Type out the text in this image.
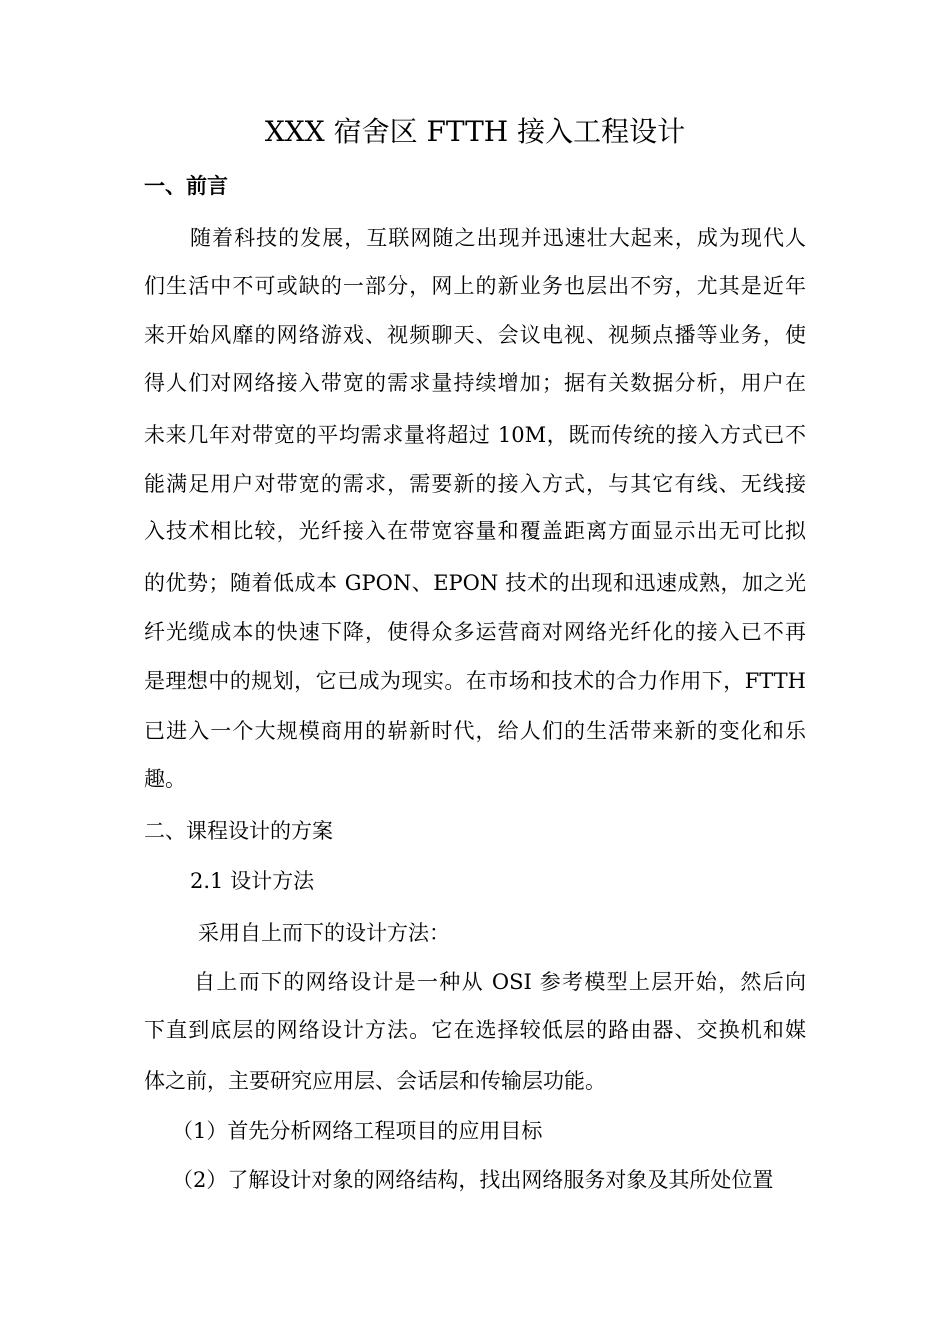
XXX 宿舍区 FTTH 接入工程设计
一、前言
随着科技的发展，互联网随之出现并迅速壮大起来，成为现代人
们生活中不可或缺的一部分，网上的新业务也层出不穷，尤其是近年
来开始风靡的网络游戏、视频聊天、会议电视、视频点播等业务，使
得人们对网络接入带宽的需求量持续增加；据有关数据分析，用户在
未来几年对带宽的平均需求量将超过 10M，既而传统的接入方式已不
能满足用户对带宽的需求，需要新的接入方式，与其它有线、无线接
入技术相比较，光纤接入在带宽容量和覆盖距离方面显示出无可比拟
的优势；随着低成本 GPON、EPON 技术的出现和迅速成熟，加之光
纤光缆成本的快速下降，使得众多运营商对网络光纤化的接入已不再
是理想中的规划，它已成为现实。在市场和技术的合力作用下，FTTH
已进入一个大规模商用的崭新时代，给人们的生活带来新的变化和乐
趣。
二、课程设计的方案
2.1 设计方法
采用自上而下的设计方法：
自上而下的网络设计是一种从 OSI 参考模型上层开始，然后向
下直到底层的网络设计方法。它在选择较低层的路由器、交换机和媒
体之前，主要研究应用层、会话层和传输层功能。
（1）首先分析网络工程项目的应用目标
（2）了解设计对象的网络结构，找出网络服务对象及其所处位置
